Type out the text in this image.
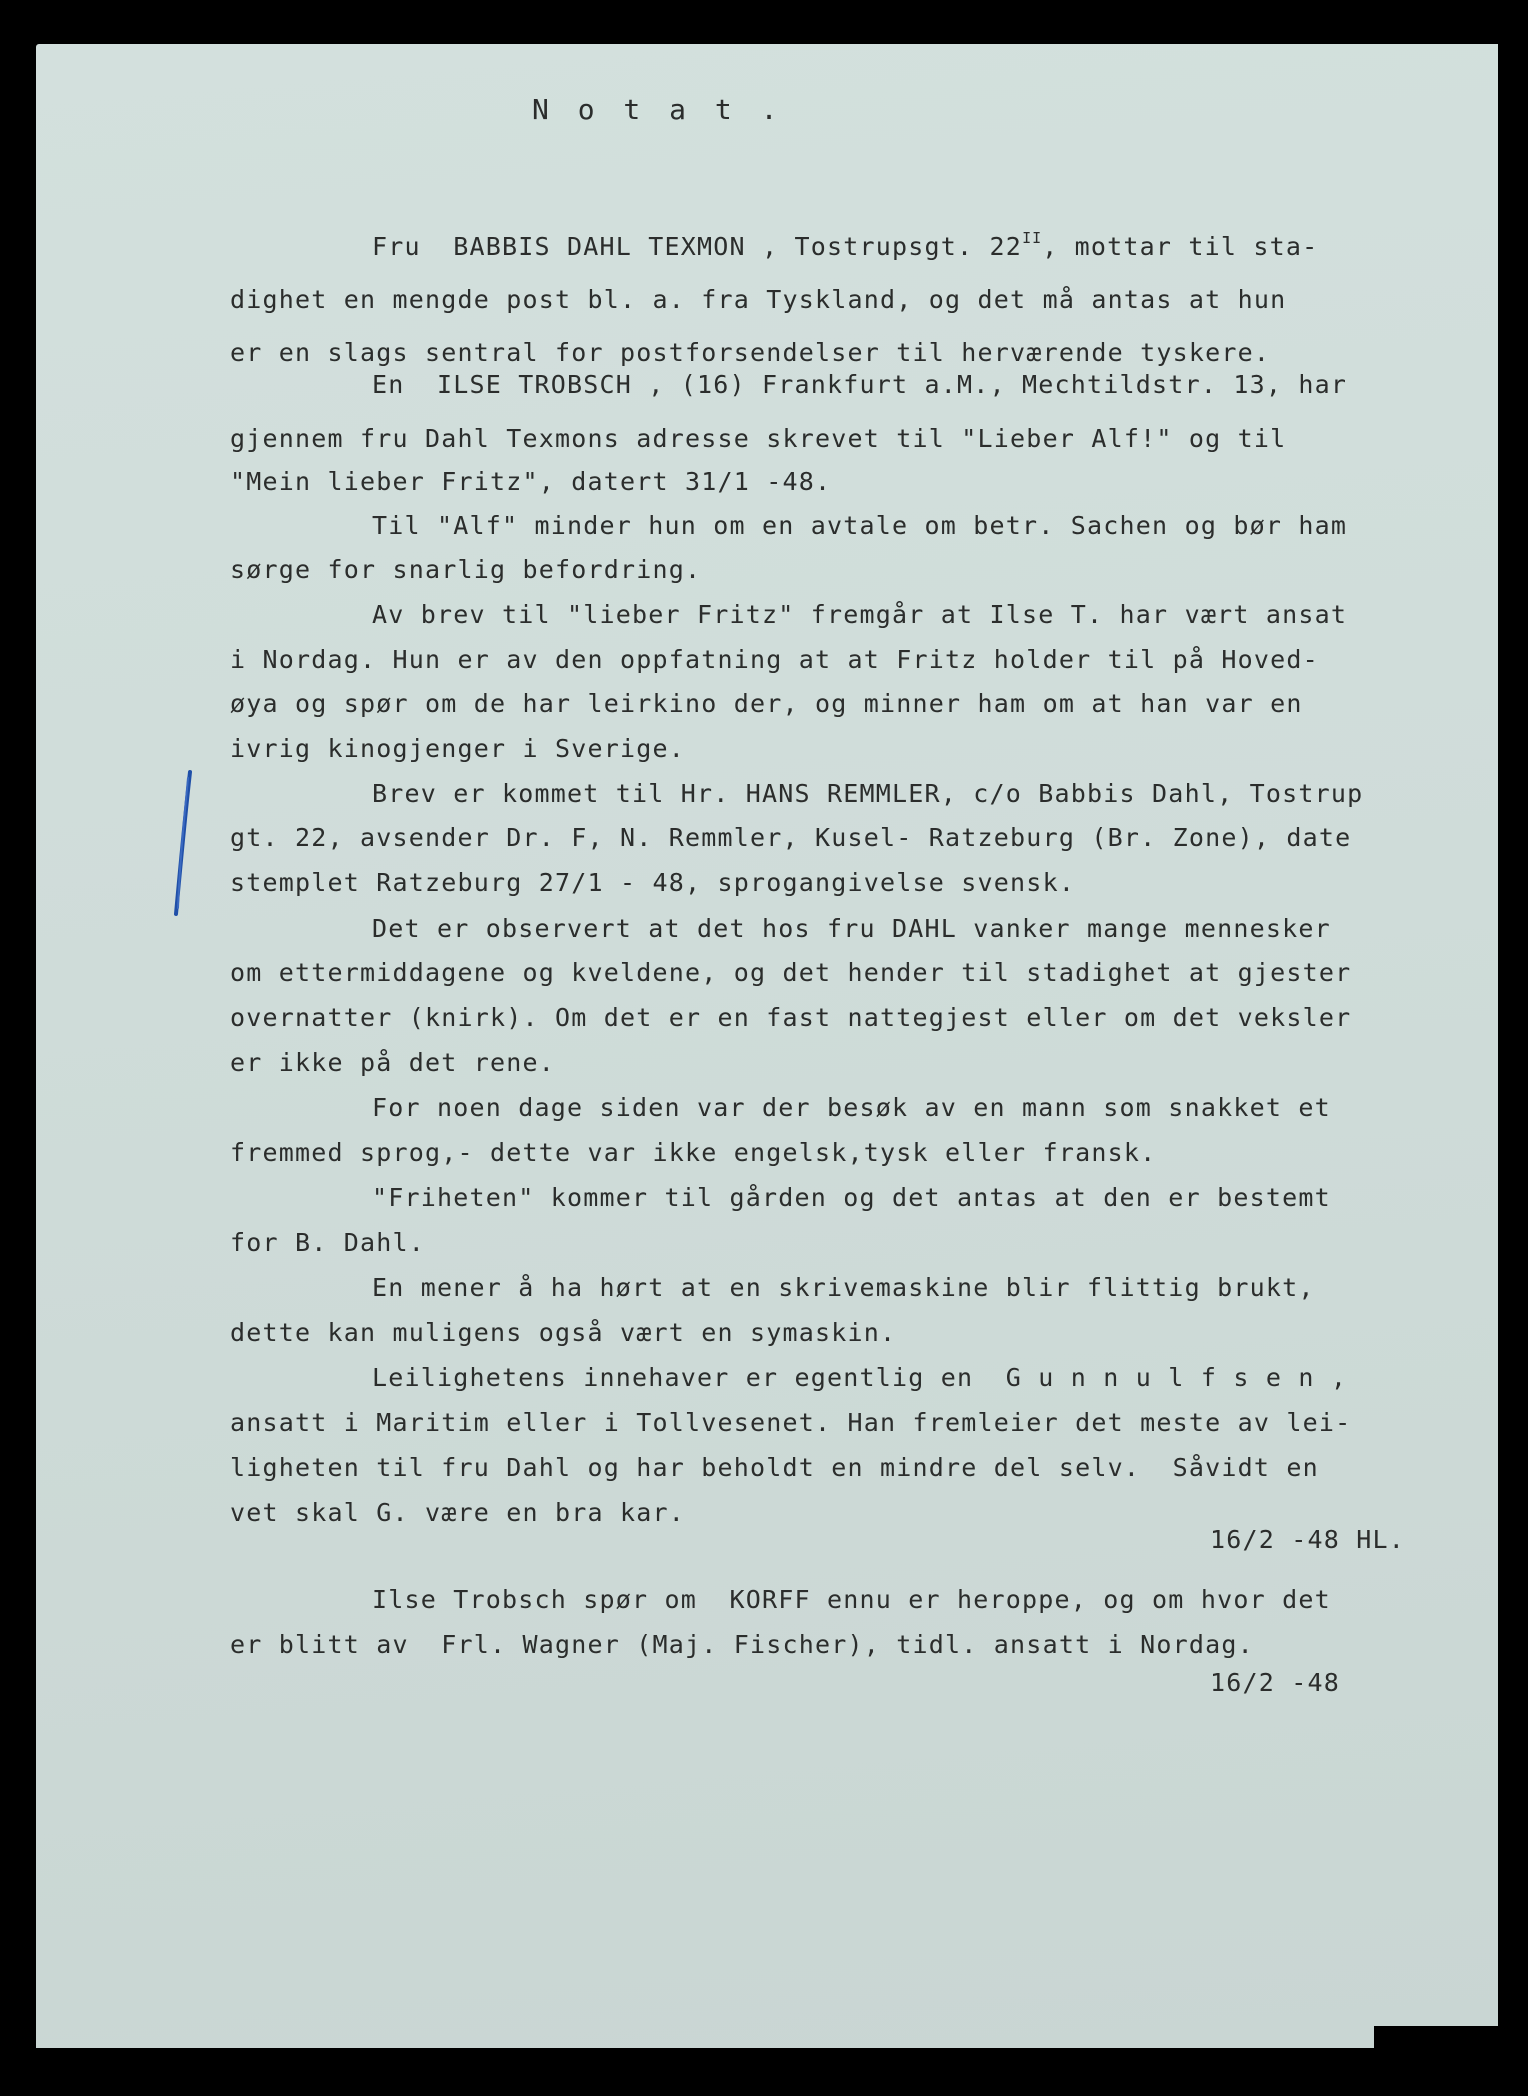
N o t a t .
Fru  BABBIS DAHL TEXMON , Tostrupsgt. $22^{II}$, mottar til sta-
dighet en mengde post bl. a. fra Tyskland, og det må antas at hun
er en slags sentral for postforsendelser til herværende tyskere.
En  ILSE TROBSCH , (16) Frankfurt a.M., Mechtildstr. 13, har
gjennem fru Dahl Texmons adresse skrevet til "Lieber Alf!" og til
"Mein lieber Fritz", datert 31/1 -48.
Til "Alf" minder hun om en avtale om betr. Sachen og bør ham
sørge for snarlig befordring.
Av brev til "lieber Fritz" fremgår at Ilse T. har vært ansat
i Nordag. Hun er av den oppfatning at at Fritz holder til på Hoved-
øya og spør om de har leirkino der, og minner ham om at han var en
ivrig kinogjenger i Sverige.
Brev er kommet til Hr. HANS REMMLER, c/o Babbis Dahl, Tostrup
gt. 22, avsender Dr. F, N. Remmler, Kusel- Ratzeburg (Br. Zone), date
stemplet Ratzeburg 27/1 - 48, sprogangivelse svensk.
Det er observert at det hos fru DAHL vanker mange mennesker
om ettermiddagene og kveldene, og det hender til stadighet at gjester
overnatter (knirk). Om det er en fast nattegjest eller om det veksler
er ikke på det rene.
For noen dage siden var der besøk av en mann som snakket et
fremmed sprog,- dette var ikke engelsk,tysk eller fransk.
"Friheten" kommer til gården og det antas at den er bestemt
for B. Dahl.
En mener å ha hørt at en skrivemaskine blir flittig brukt,
dette kan muligens også vært en symaskin.
Leilighetens innehaver er egentlig en  G u n n u l f s e n ,
ansatt i Maritim eller i Tollvesenet. Han fremleier det meste av lei-
ligheten til fru Dahl og har beholdt en mindre del selv.  Såvidt en
vet skal G. være en bra kar.
16/2 -48 HL.
Ilse Trobsch spør om  KORFF ennu er heroppe, og om hvor det
er blitt av  Frl. Wagner (Maj. Fischer), tidl. ansatt i Nordag.
16/2 -48
